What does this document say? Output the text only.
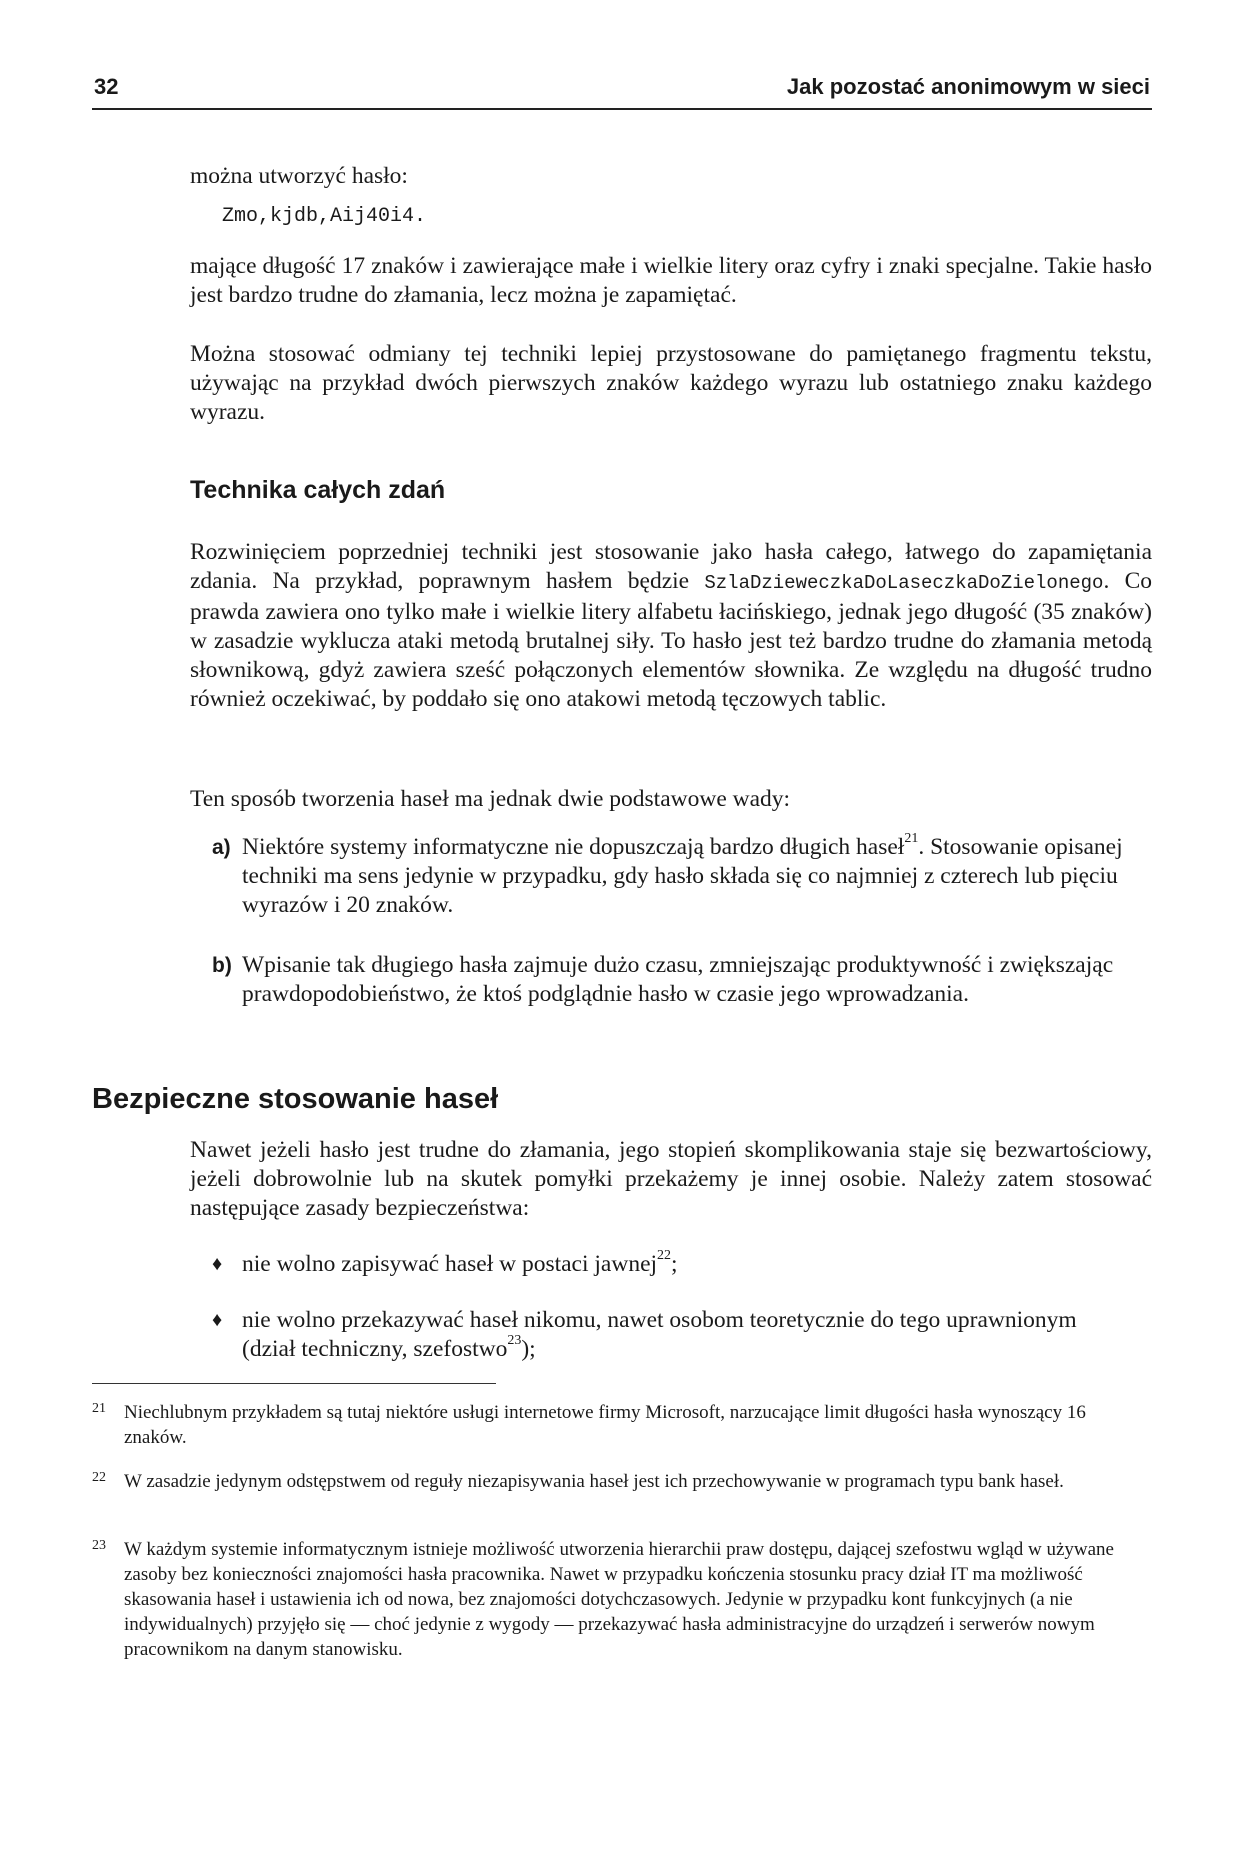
32	Jak pozostać anonimowym w sieci

można utworzyć hasło:

Zmo,kjdb,Aij40i4.

mające długość 17 znaków i zawierające małe i wielkie litery oraz cyfry i znaki specjalne. Takie hasło jest bardzo trudne do złamania, lecz można je zapamiętać.

Można stosować odmiany tej techniki lepiej przystosowane do pamiętanego fragmentu tekstu, używając na przykład dwóch pierwszych znaków każdego wyrazu lub ostatniego znaku każdego wyrazu.

Technika całych zdań

Rozwinięciem poprzedniej techniki jest stosowanie jako hasła całego, łatwego do zapamiętania zdania. Na przykład, poprawnym hasłem będzie SzlaDzieweczkaDoLaseczkaDoZielonego. Co prawda zawiera ono tylko małe i wielkie litery alfabetu łacińskiego, jednak jego długość (35 znaków) w zasadzie wyklucza ataki metodą brutalnej siły. To hasło jest też bardzo trudne do złamania metodą słownikową, gdyż zawiera sześć połączonych elementów słownika. Ze względu na długość trudno również oczekiwać, by poddało się ono atakowi metodą tęczowych tablic.

Ten sposób tworzenia haseł ma jednak dwie podstawowe wady:

a) Niektóre systemy informatyczne nie dopuszczają bardzo długich haseł$^{21}$. Stosowanie opisanej techniki ma sens jedynie w przypadku, gdy hasło składa się co najmniej z czterech lub pięciu wyrazów i 20 znaków.

b) Wpisanie tak długiego hasła zajmuje dużo czasu, zmniejszając produktywność i zwiększając prawdopodobieństwo, że ktoś podglądnie hasło w czasie jego wprowadzania.

Bezpieczne stosowanie haseł

Nawet jeżeli hasło jest trudne do złamania, jego stopień skomplikowania staje się bezwartościowy, jeżeli dobrowolnie lub na skutek pomyłki przekażemy je innej osobie. Należy zatem stosować następujące zasady bezpieczeństwa:

♦ nie wolno zapisywać haseł w postaci jawnej$^{22}$;

♦ nie wolno przekazywać haseł nikomu, nawet osobom teoretycznie do tego uprawnionym (dział techniczny, szefostwo$^{23}$);

21 Niechlubnym przykładem są tutaj niektóre usługi internetowe firmy Microsoft, narzucające limit długości hasła wynoszący 16 znaków.

22 W zasadzie jedynym odstępstwem od reguły niezapisywania haseł jest ich przechowywanie w programach typu bank haseł.

23 W każdym systemie informatycznym istnieje możliwość utworzenia hierarchii praw dostępu, dającej szefostwu wgląd w używane zasoby bez konieczności znajomości hasła pracownika. Nawet w przypadku kończenia stosunku pracy dział IT ma możliwość skasowania haseł i ustawienia ich od nowa, bez znajomości dotychczasowych. Jedynie w przypadku kont funkcyjnych (a nie indywidualnych) przyjęło się — choć jedynie z wygody — przekazywać hasła administracyjne do urządzeń i serwerów nowym pracownikom na danym stanowisku.
